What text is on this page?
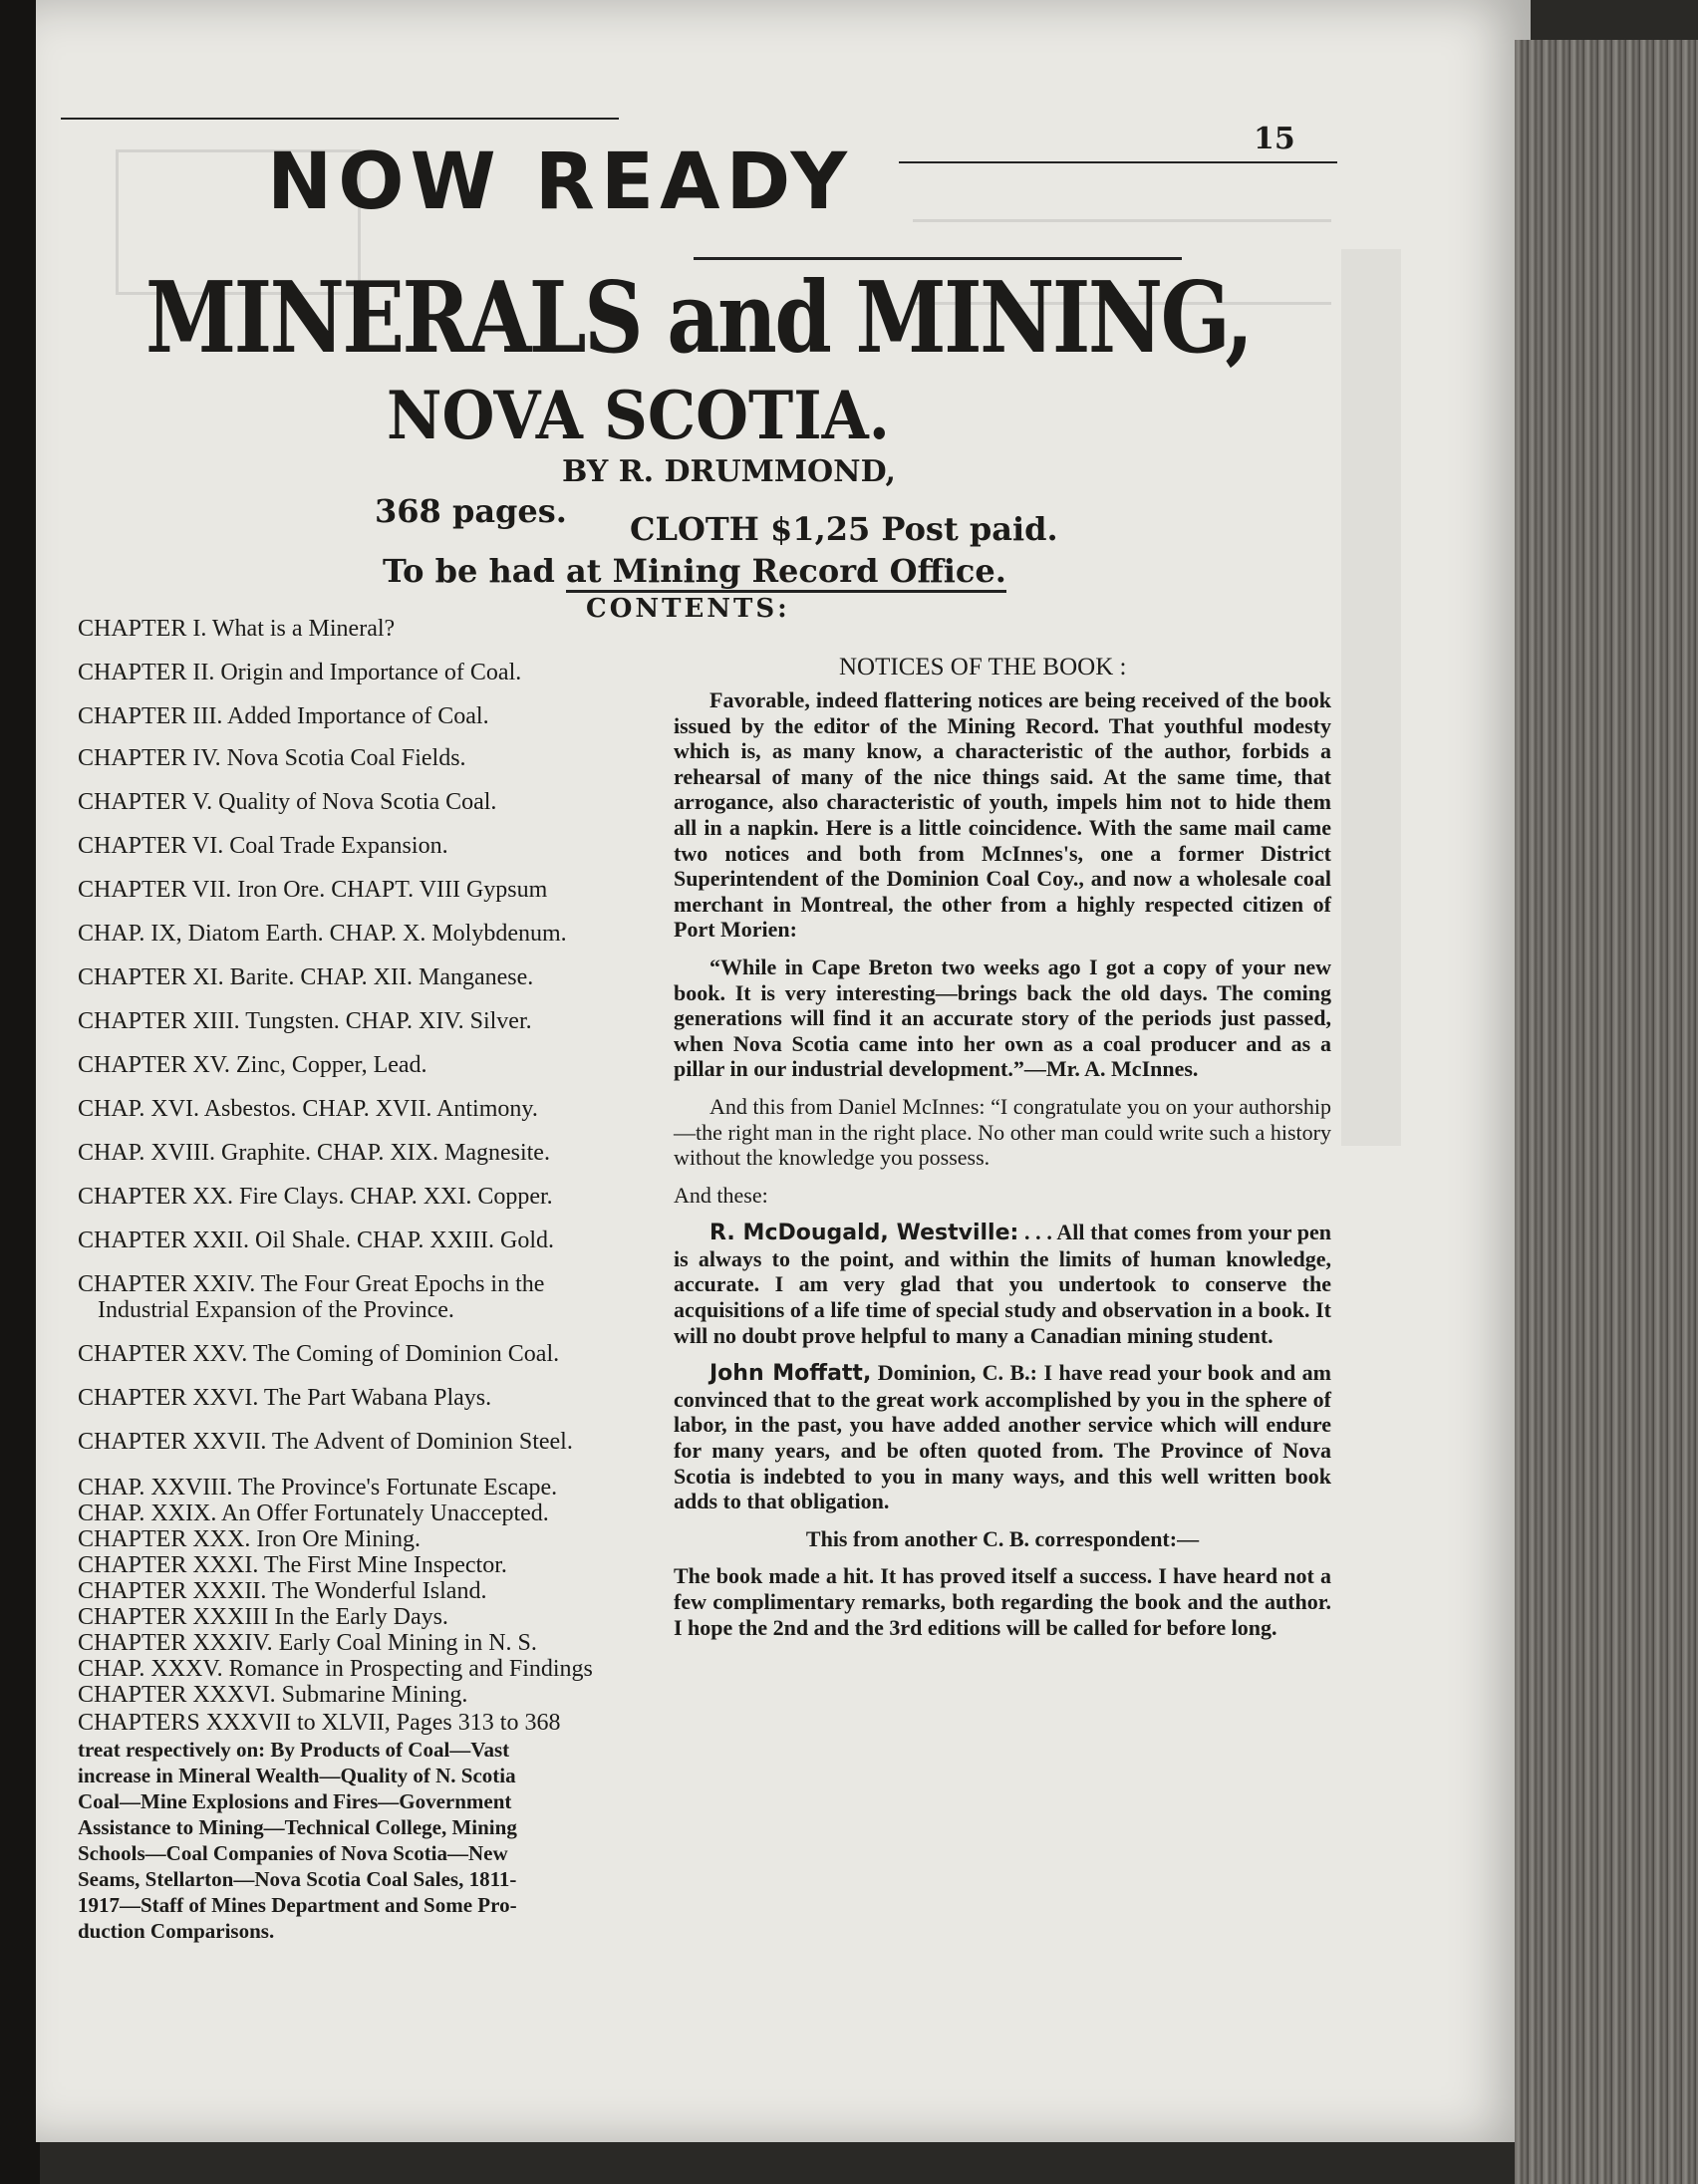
15
NOW READY
MINERALS and MINING,
NOVA SCOTIA.
BY R. DRUMMOND,
368 pages. CLOTH $1,25 Post paid.
To be had at Mining Record Office.
CONTENTS:
CHAPTER I. What is a Mineral?
CHAPTER II. Origin and Importance of Coal.
CHAPTER III. Added Importance of Coal.
CHAPTER IV. Nova Scotia Coal Fields.
CHAPTER V. Quality of Nova Scotia Coal.
CHAPTER VI. Coal Trade Expansion.
CHAPTER VII. Iron Ore. CHAPT. VIII Gypsum
CHAP. IX, Diatom Earth. CHAP. X. Molybdenum.
CHAPTER XI. Barite. CHAP. XII. Manganese.
CHAPTER XIII. Tungsten. CHAP. XIV. Silver.
CHAPTER XV. Zinc, Copper, Lead.
CHAP. XVI. Asbestos. CHAP. XVII. Antimony.
CHAP. XVIII. Graphite. CHAP. XIX. Magnesite.
CHAPTER XX. Fire Clays. CHAP. XXI. Copper.
CHAPTER XXII. Oil Shale. CHAP. XXIII. Gold.
CHAPTER XXIV. The Four Great Epochs in the
Industrial Expansion of the Province.
CHAPTER XXV. The Coming of Dominion Coal.
CHAPTER XXVI. The Part Wabana Plays.
CHAPTER XXVII. The Advent of Dominion Steel.
CHAP. XXVIII. The Province's Fortunate Escape.
CHAP. XXIX. An Offer Fortunately Unaccepted.
CHAPTER XXX. Iron Ore Mining.
CHAPTER XXXI. The First Mine Inspector.
CHAPTER XXXII. The Wonderful Island.
CHAPTER XXXIII In the Early Days.
CHAPTER XXXIV. Early Coal Mining in N. S.
CHAP. XXXV. Romance in Prospecting and Findings
CHAPTER XXXVI. Submarine Mining.
CHAPTERS XXXVII to XLVII, Pages 313 to 368
treat respectively on: By Products of Coal—Vast
increase in Mineral Wealth—Quality of N. Scotia
Coal—Mine Explosions and Fires—Government
Assistance to Mining—Technical College, Mining
Schools—Coal Companies of Nova Scotia—New
Seams, Stellarton—Nova Scotia Coal Sales, 1811-
1917—Staff of Mines Department and Some Pro-
duction Comparisons.
NOTICES OF THE BOOK :

Favorable, indeed flattering notices are being received of the book issued by the editor of the Mining Record. That youthful modesty which is, as many know, a characteristic of the author, forbids a rehearsal of many of the nice things said. At the same time, that arrogance, also characteristic of youth, impels him not to hide them all in a napkin. Here is a little coincidence. With the same mail came two notices and both from McInnes's, one a former District Superintendent of the Dominion Coal Coy., and now a wholesale coal merchant in Montreal, the other from a highly respected citizen of Port Morien:

“While in Cape Breton two weeks ago I got a copy of your new book. It is very interesting—brings back the old days. The coming generations will find it an accurate story of the periods just passed, when Nova Scotia came into her own as a coal producer and as a pillar in our industrial development.”—Mr. A. McInnes.

And this from Daniel McInnes: “I congratulate you on your authorship—the right man in the right place. No other man could write such a history without the knowledge you possess.

And these:

R. McDougald, Westville: . . . All that comes from your pen is always to the point, and within the limits of human knowledge, accurate. I am very glad that you undertook to conserve the acquisitions of a life time of special study and observation in a book. It will no doubt prove helpful to many a Canadian mining student.

John Moffatt, Dominion, C. B.: I have read your book and am convinced that to the great work accomplished by you in the sphere of labor, in the past, you have added another service which will endure for many years, and be often quoted from. The Province of Nova Scotia is indebted to you in many ways, and this well written book adds to that obligation.

This from another C. B. correspondent:—

The book made a hit. It has proved itself a success. I have heard not a few complimentary remarks, both regarding the book and the author. I hope the 2nd and the 3rd editions will be called for before long.
